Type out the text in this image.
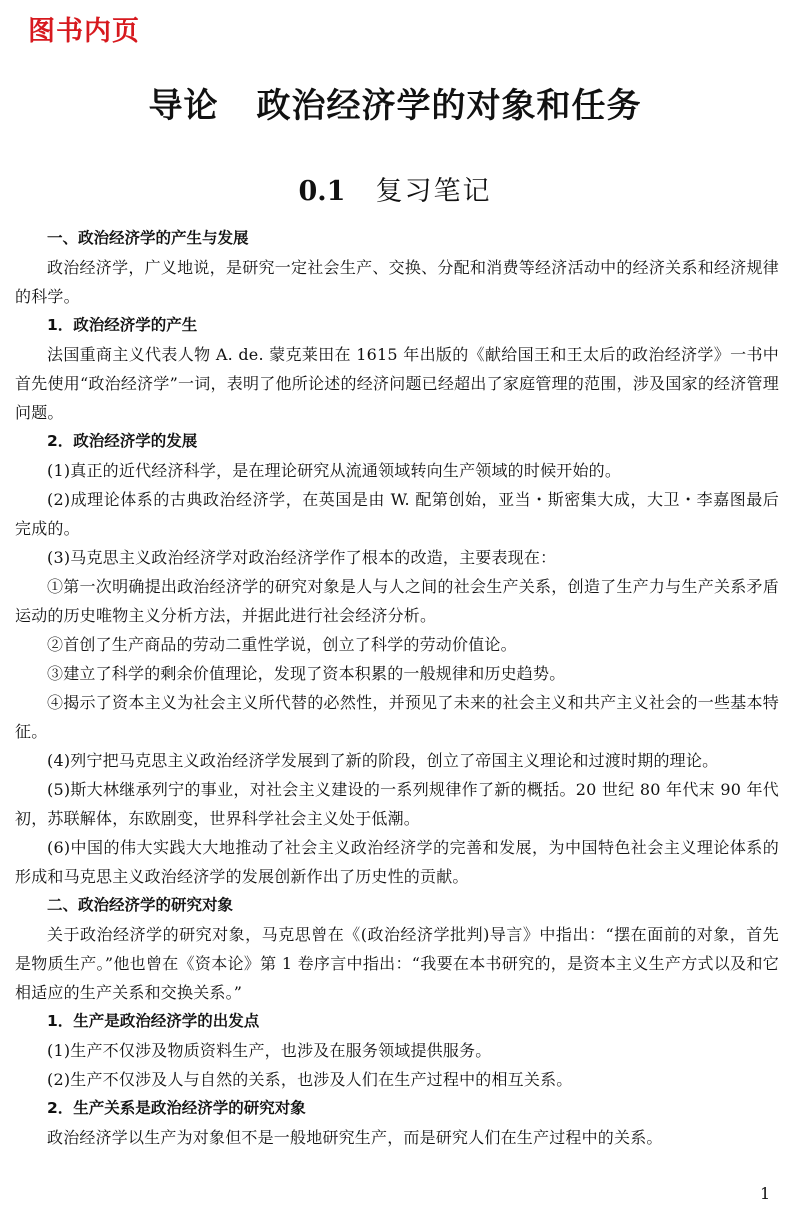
图书内页
导论 政治经济学的对象和任务
0.1 复习笔记
一、政治经济学的产生与发展

政治经济学，广义地说，是研究一定社会生产、交换、分配和消费等经济活动中的经济关系和经济规律的科学。

1．政治经济学的产生

法国重商主义代表人物 A. de. 蒙克莱田在 1615 年出版的《献给国王和王太后的政治经济学》一书中首先使用“政治经济学”一词，表明了他所论述的经济问题已经超出了家庭管理的范围，涉及国家的经济管理问题。

2．政治经济学的发展

(1)真正的近代经济科学，是在理论研究从流通领域转向生产领域的时候开始的。

(2)成理论体系的古典政治经济学，在英国是由 W. 配第创始，亚当・斯密集大成，大卫・李嘉图最后完成的。

(3)马克思主义政治经济学对政治经济学作了根本的改造，主要表现在：

①第一次明确提出政治经济学的研究对象是人与人之间的社会生产关系，创造了生产力与生产关系矛盾运动的历史唯物主义分析方法，并据此进行社会经济分析。

②首创了生产商品的劳动二重性学说，创立了科学的劳动价值论。

③建立了科学的剩余价值理论，发现了资本积累的一般规律和历史趋势。

④揭示了资本主义为社会主义所代替的必然性，并预见了未来的社会主义和共产主义社会的一些基本特征。

(4)列宁把马克思主义政治经济学发展到了新的阶段，创立了帝国主义理论和过渡时期的理论。

(5)斯大林继承列宁的事业，对社会主义建设的一系列规律作了新的概括。20 世纪 80 年代末 90 年代初，苏联解体，东欧剧变，世界科学社会主义处于低潮。

(6)中国的伟大实践大大地推动了社会主义政治经济学的完善和发展，为中国特色社会主义理论体系的形成和马克思主义政治经济学的发展创新作出了历史性的贡献。

二、政治经济学的研究对象

关于政治经济学的研究对象，马克思曾在《(政治经济学批判)导言》中指出：“摆在面前的对象，首先是物质生产。”他也曾在《资本论》第 1 卷序言中指出：“我要在本书研究的，是资本主义生产方式以及和它相适应的生产关系和交换关系。”

1．生产是政治经济学的出发点

(1)生产不仅涉及物质资料生产，也涉及在服务领域提供服务。

(2)生产不仅涉及人与自然的关系，也涉及人们在生产过程中的相互关系。

2．生产关系是政治经济学的研究对象

政治经济学以生产为对象但不是一般地研究生产，而是研究人们在生产过程中的关系。

1
